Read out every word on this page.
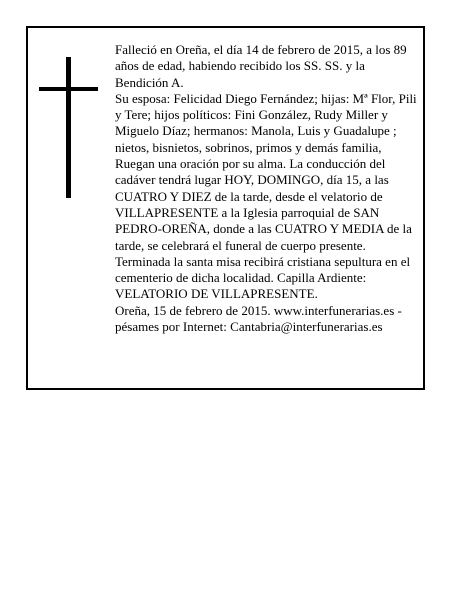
Falleció en Oreña, el día 14 de febrero de 2015, a los 89 años de edad, habiendo recibido los SS. SS. y la Bendición A.

Su esposa: Felicidad Diego Fernández; hijas: Mª Flor, Pili y Tere; hijos políticos: Fini González, Rudy Miller y Miguelo Díaz; hermanos: Manola, Luis y Guadalupe ; nietos, bisnietos, sobrinos, primos y demás familia,

Ruegan una oración por su alma. La conducción del cadáver tendrá lugar HOY, DOMINGO, día 15, a las CUATRO Y DIEZ de la tarde, desde el velatorio de VILLAPRESENTE a la Iglesia parroquial de SAN PEDRO-OREÑA, donde a las CUATRO Y MEDIA de la tarde, se celebrará el funeral de cuerpo presente. Terminada la santa misa recibirá cristiana sepultura en el cementerio de dicha localidad. Capilla Ardiente: VELATORIO DE VILLAPRESENTE.

Oreña, 15 de febrero de 2015. www.interfunerarias.es - pésames por Internet: Cantabria@interfunerarias.es
